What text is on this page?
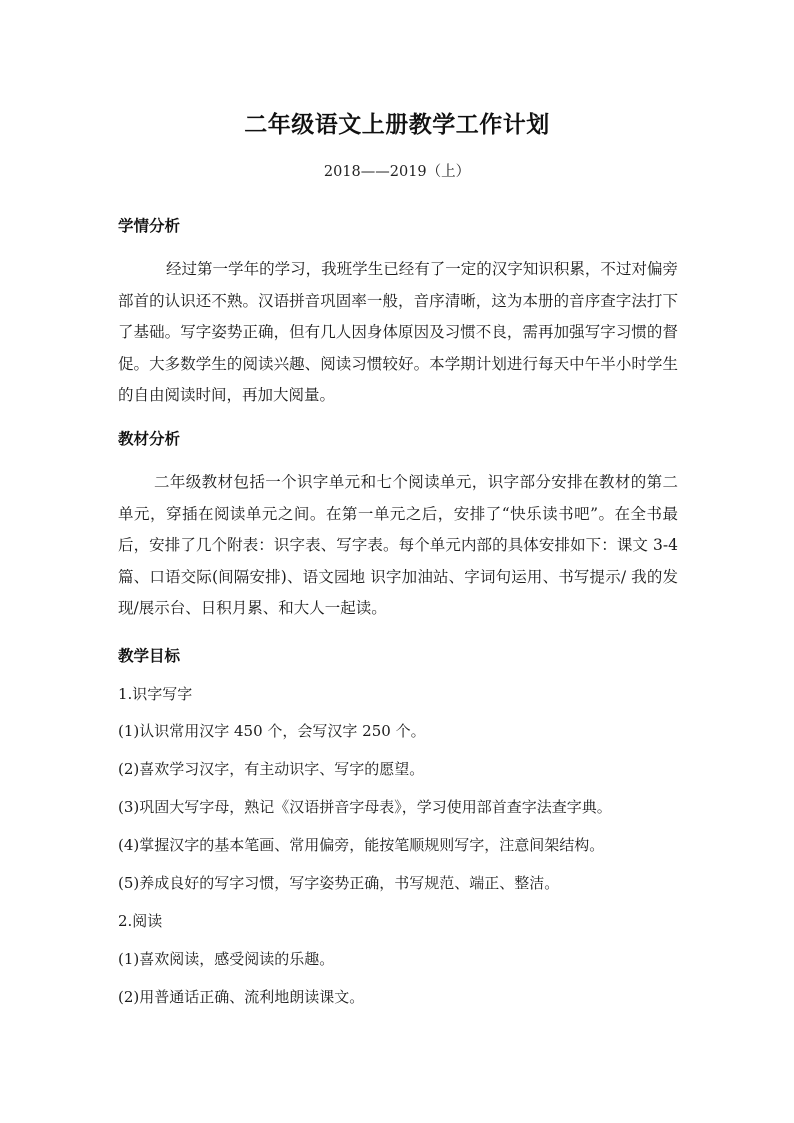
二年级语文上册教学工作计划
2018——2019（上）
学情分析
经过第一学年的学习，我班学生已经有了一定的汉字知识积累，不过对偏旁部首的认识还不熟。汉语拼音巩固率一般，音序清晰，这为本册的音序查字法打下了基础。写字姿势正确，但有几人因身体原因及习惯不良，需再加强写字习惯的督促。大多数学生的阅读兴趣、阅读习惯较好。本学期计划进行每天中午半小时学生的自由阅读时间，再加大阅量。
教材分析
二年级教材包括一个识字单元和七个阅读单元，识字部分安排在教材的第二单元，穿插在阅读单元之间。在第一单元之后，安排了“快乐读书吧”。在全书最后，安排了几个附表：识字表、写字表。每个单元内部的具体安排如下：课文 3-4 篇、口语交际(间隔安排)、语文园地 识字加油站、字词句运用、书写提示/ 我的发现/展示台、日积月累、和大人一起读。
教学目标
1.识字写字
(1)认识常用汉字 450 个，会写汉字 250 个。
(2)喜欢学习汉字，有主动识字、写字的愿望。
(3)巩固大写字母，熟记《汉语拼音字母表》，学习使用部首查字法查字典。
(4)掌握汉字的基本笔画、常用偏旁，能按笔顺规则写字，注意间架结构。
(5)养成良好的写字习惯，写字姿势正确，书写规范、端正、整洁。
2.阅读
(1)喜欢阅读，感受阅读的乐趣。
(2)用普通话正确、流利地朗读课文。
